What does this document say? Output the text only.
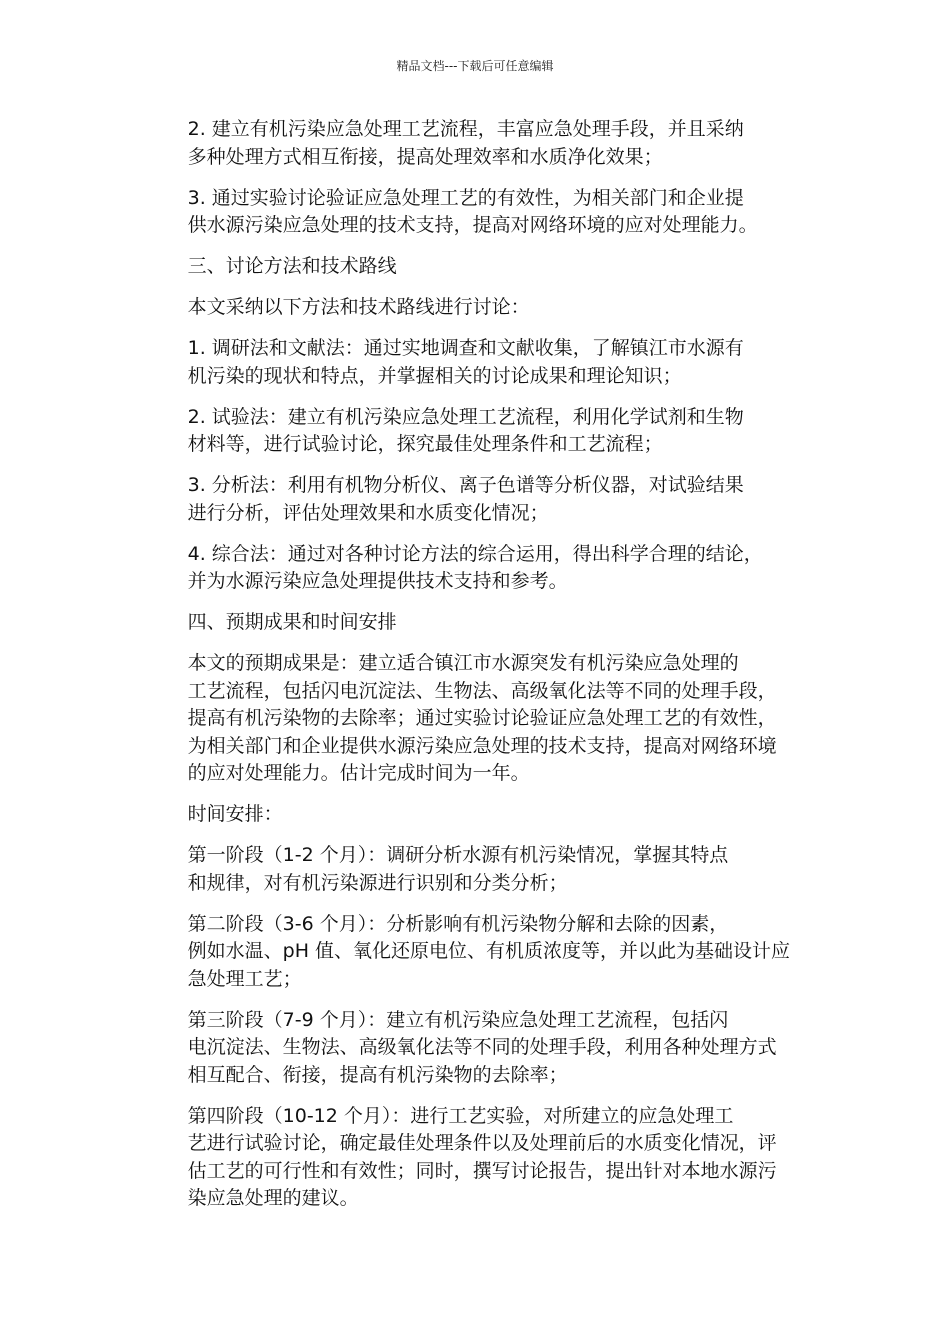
精品文档---下载后可任意编辑

2. 建立有机污染应急处理工艺流程，丰富应急处理手段，并且采纳
多种处理方式相互衔接，提高处理效率和水质净化效果；

3. 通过实验讨论验证应急处理工艺的有效性，为相关部门和企业提
供水源污染应急处理的技术支持，提高对网络环境的应对处理能力。

三、讨论方法和技术路线

本文采纳以下方法和技术路线进行讨论：

1. 调研法和文献法：通过实地调查和文献收集，了解镇江市水源有
机污染的现状和特点，并掌握相关的讨论成果和理论知识；

2. 试验法：建立有机污染应急处理工艺流程，利用化学试剂和生物
材料等，进行试验讨论，探究最佳处理条件和工艺流程；

3. 分析法：利用有机物分析仪、离子色谱等分析仪器，对试验结果
进行分析，评估处理效果和水质变化情况；

4. 综合法：通过对各种讨论方法的综合运用，得出科学合理的结论，
并为水源污染应急处理提供技术支持和参考。

四、预期成果和时间安排

本文的预期成果是：建立适合镇江市水源突发有机污染应急处理的
工艺流程，包括闪电沉淀法、生物法、高级氧化法等不同的处理手段，
提高有机污染物的去除率；通过实验讨论验证应急处理工艺的有效性，
为相关部门和企业提供水源污染应急处理的技术支持，提高对网络环境
的应对处理能力。估计完成时间为一年。

时间安排：

第一阶段（1-2 个月）：调研分析水源有机污染情况，掌握其特点
和规律，对有机污染源进行识别和分类分析；

第二阶段（3-6 个月）：分析影响有机污染物分解和去除的因素，
例如水温、pH 值、氧化还原电位、有机质浓度等，并以此为基础设计应
急处理工艺；

第三阶段（7-9 个月）：建立有机污染应急处理工艺流程，包括闪
电沉淀法、生物法、高级氧化法等不同的处理手段，利用各种处理方式
相互配合、衔接，提高有机污染物的去除率；

第四阶段（10-12 个月）：进行工艺实验，对所建立的应急处理工
艺进行试验讨论，确定最佳处理条件以及处理前后的水质变化情况，评
估工艺的可行性和有效性；同时，撰写讨论报告，提出针对本地水源污
染应急处理的建议。
